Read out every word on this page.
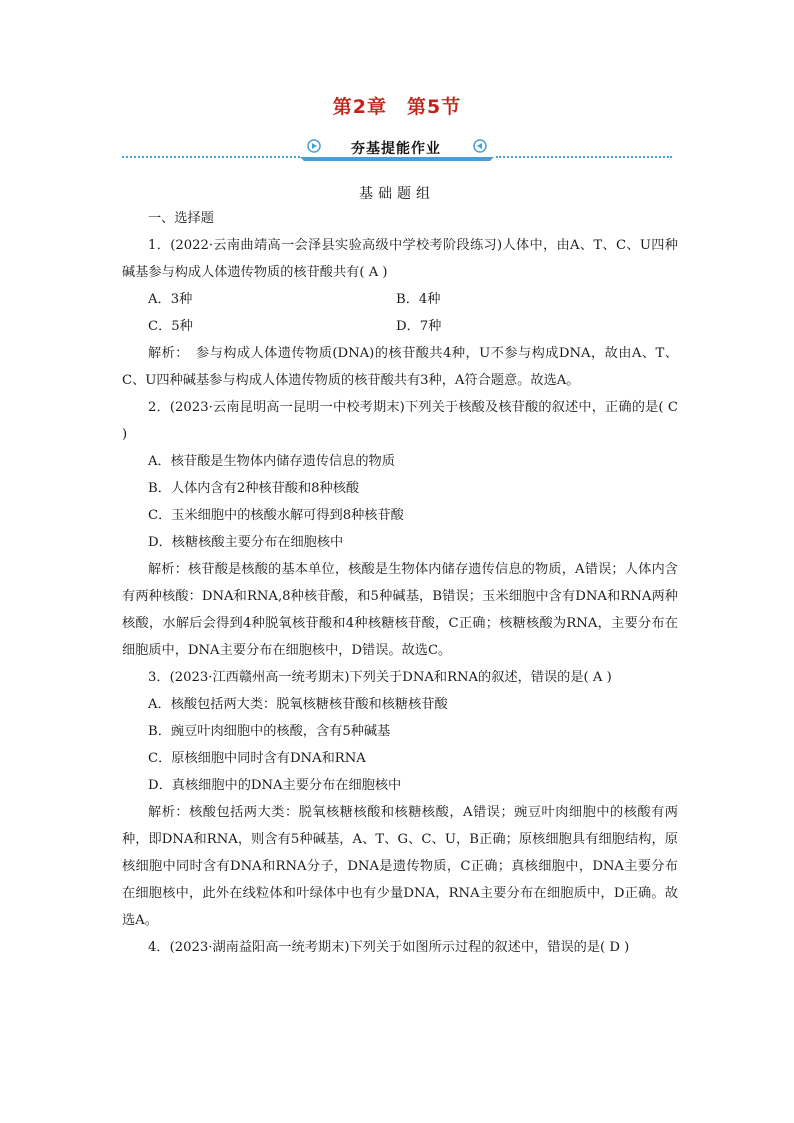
第2章　第5节
夯基提能作业
基础题组

一、选择题

1．(2022·云南曲靖高一会泽县实验高级中学校考阶段练习)人体中，由A、T、C、U四种碱基参与构成人体遗传物质的核苷酸共有( A )

A．3种	B．4种
C．5种	D．7种

解析：　参与构成人体遗传物质(DNA)的核苷酸共4种，U不参与构成DNA，故由A、T、C、U四种碱基参与构成人体遗传物质的核苷酸共有3种，A符合题意。故选A。

2．(2023·云南昆明高一昆明一中校考期末)下列关于核酸及核苷酸的叙述中，正确的是( C )

A．核苷酸是生物体内储存遗传信息的物质

B．人体内含有2种核苷酸和8种核酸

C．玉米细胞中的核酸水解可得到8种核苷酸

D．核糖核酸主要分布在细胞核中

解析：核苷酸是核酸的基本单位，核酸是生物体内储存遗传信息的物质，A错误；人体内含有两种核酸：DNA和RNA,8种核苷酸，和5种碱基，B错误；玉米细胞中含有DNA和RNA两种核酸，水解后会得到4种脱氧核苷酸和4种核糖核苷酸，C正确；核糖核酸为RNA，主要分布在细胞质中，DNA主要分布在细胞核中，D错误。故选C。

3．(2023·江西赣州高一统考期末)下列关于DNA和RNA的叙述，错误的是( A )

A．核酸包括两大类：脱氧核糖核苷酸和核糖核苷酸

B．豌豆叶肉细胞中的核酸，含有5种碱基

C．原核细胞中同时含有DNA和RNA

D．真核细胞中的DNA主要分布在细胞核中

解析：核酸包括两大类：脱氧核糖核酸和核糖核酸，A错误；豌豆叶肉细胞中的核酸有两种，即DNA和RNA，则含有5种碱基，A、T、G、C、U，B正确；原核细胞具有细胞结构，原核细胞中同时含有DNA和RNA分子，DNA是遗传物质，C正确；真核细胞中，DNA主要分布在细胞核中，此外在线粒体和叶绿体中也有少量DNA，RNA主要分布在细胞质中，D正确。故选A。

4．(2023·湖南益阳高一统考期末)下列关于如图所示过程的叙述中，错误的是( D )
